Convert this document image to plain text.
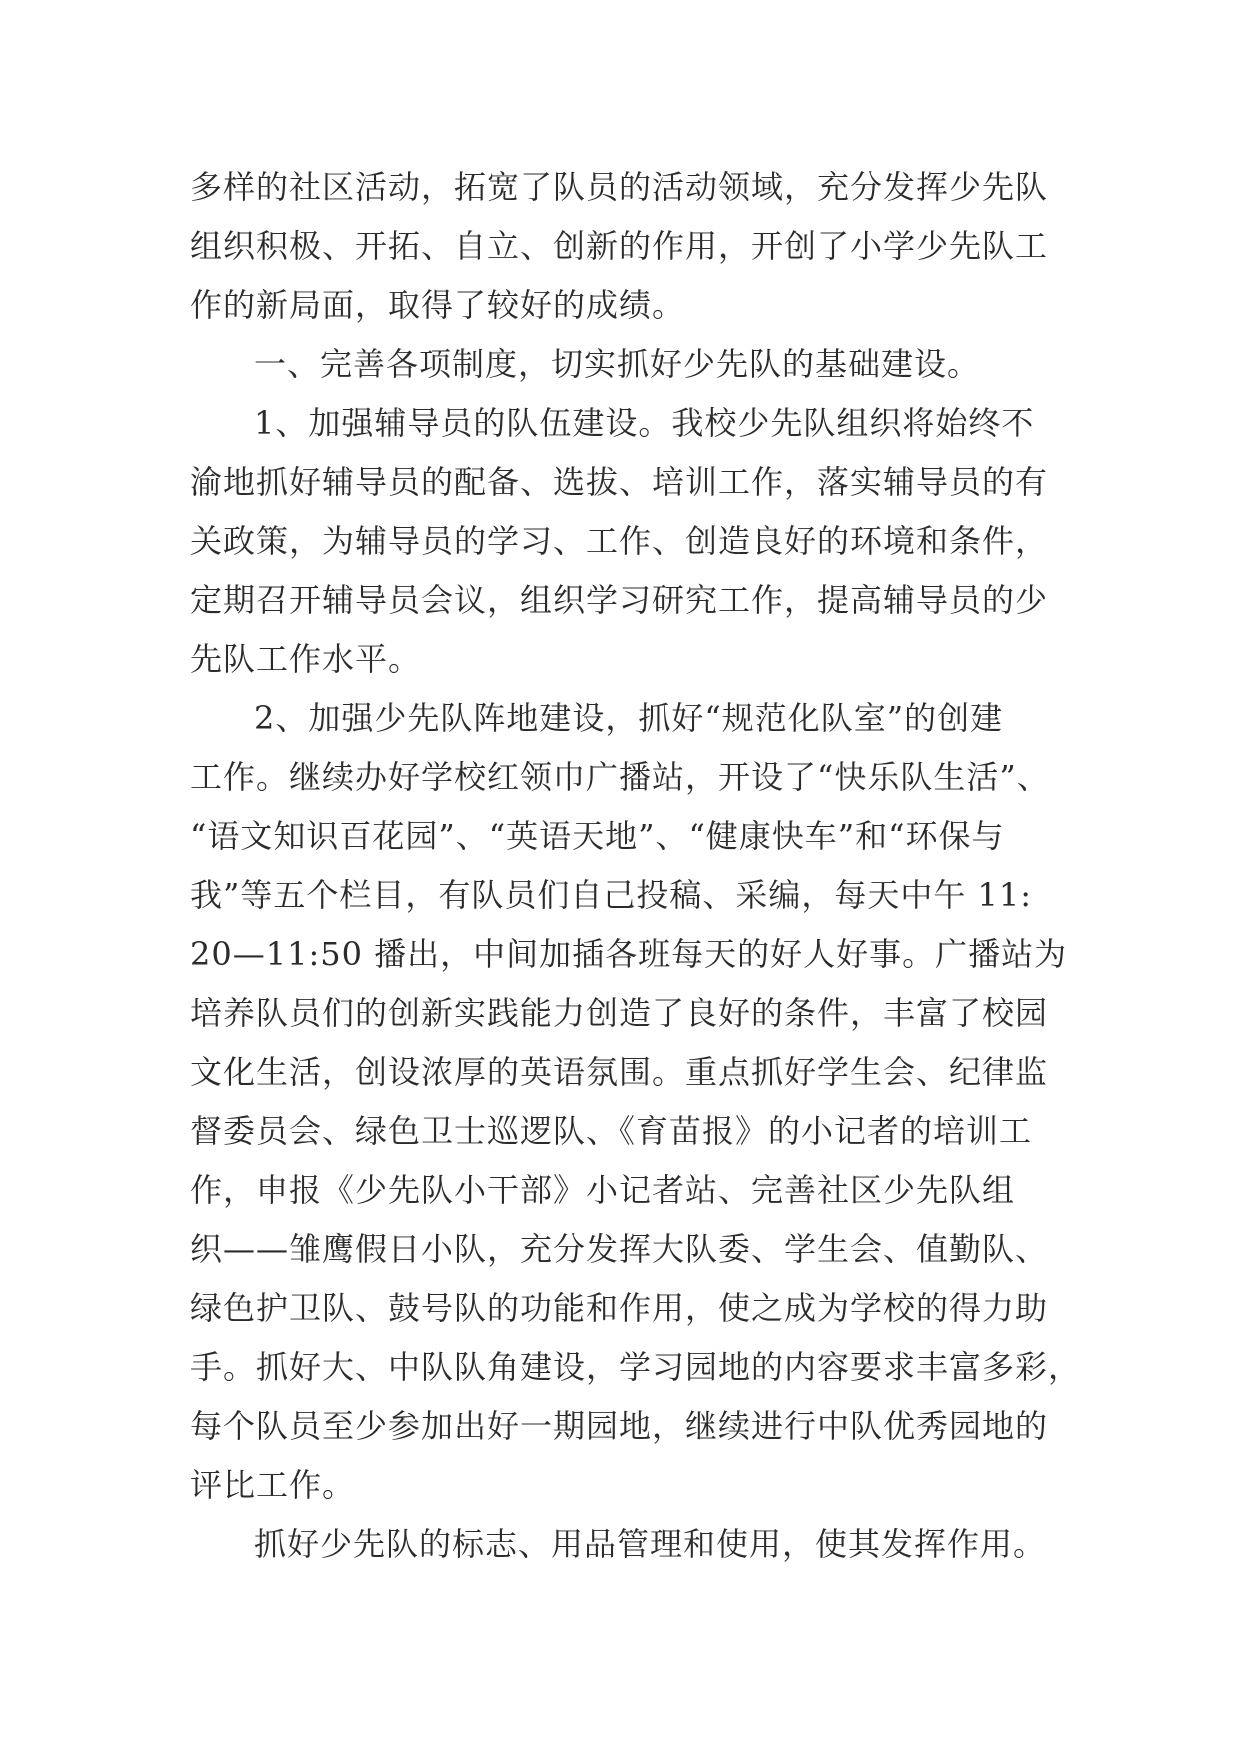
多样的社区活动，拓宽了队员的活动领域，充分发挥少先队
组织积极、开拓、自立、创新的作用，开创了小学少先队工
作的新局面，取得了较好的成绩。
一、完善各项制度，切实抓好少先队的基础建设。
1、加强辅导员的队伍建设。我校少先队组织将始终不
渝地抓好辅导员的配备、选拔、培训工作，落实辅导员的有
关政策，为辅导员的学习、工作、创造良好的环境和条件，
定期召开辅导员会议，组织学习研究工作，提高辅导员的少
先队工作水平。
2、加强少先队阵地建设，抓好“规范化队室”的创建
工作。继续办好学校红领巾广播站，开设了“快乐队生活”、
“语文知识百花园”、“英语天地”、“健康快车”和“环保与
我”等五个栏目，有队员们自己投稿、采编，每天中午 11:
20—11:50 播出，中间加插各班每天的好人好事。广播站为
培养队员们的创新实践能力创造了良好的条件，丰富了校园
文化生活，创设浓厚的英语氛围。重点抓好学生会、纪律监
督委员会、绿色卫士巡逻队、《育苗报》的小记者的培训工
作，申报《少先队小干部》小记者站、完善社区少先队组
织——雏鹰假日小队，充分发挥大队委、学生会、值勤队、
绿色护卫队、鼓号队的功能和作用，使之成为学校的得力助
手。抓好大、中队队角建设，学习园地的内容要求丰富多彩，
每个队员至少参加出好一期园地，继续进行中队优秀园地的
评比工作。
抓好少先队的标志、用品管理和使用，使其发挥作用。
